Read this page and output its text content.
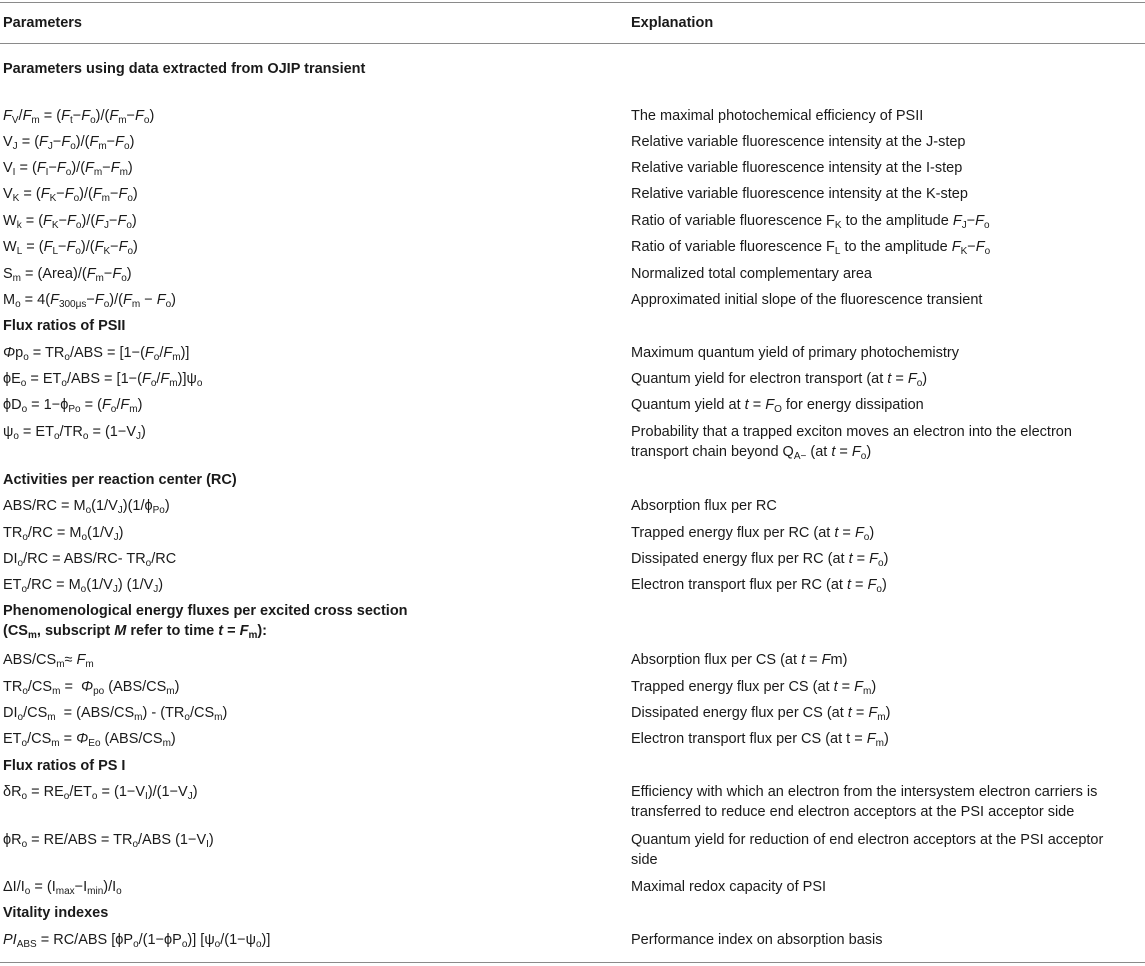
Parameters	Explanation
Parameters using data extracted from OJIP transient
$F_V/F_m = (F_t-F_o)/(F_m-F_o)$	The maximal photochemical efficiency of PSII
$V_J = (F_J-F_o)/(F_m-F_o)$	Relative variable fluorescence intensity at the J-step
$V_I = (F_I-F_o)/(F_m-F_m)$	Relative variable fluorescence intensity at the I-step
$V_K = (F_K-F_o)/(F_m-F_o)$	Relative variable fluorescence intensity at the K-step
$W_k = (F_K-F_o)/(F_J-F_o)$	Ratio of variable fluorescence $F_K$ to the amplitude $F_J-F_o$
$W_L = (F_L-F_o)/(F_K-F_o)$	Ratio of variable fluorescence $F_L$ to the amplitude $F_K-F_o$
$S_m$ = $(Area)/(F_m-F_o)$	Normalized total complementary area
$M_o = 4(F_{300\mu s}-F_o)/(F_m - F_o)$	Approximated initial slope of the fluorescence transient
Flux ratios of PSII
$\Phi p_o = TR_o/ABS = [1-(F_o/F_m)]$	Maximum quantum yield of primary photochemistry
$\phi E_o = ET_o/ABS = [1-(F_o/F_m)]\psi_o$	Quantum yield for electron transport (at $t = F_o$)
$\phi D_o = 1-\phi_{Po} = (F_o/F_m)$	Quantum yield at $t = F_O$ for energy dissipation
$\psi_o = ET_o/TR_o = (1-V_J)$	Probability that a trapped exciton moves an electron into the electron
transport chain beyond $Q_{A-}$ (at $t = F_o$)
Activities per reaction center (RC)
$ABS/RC = M_o(1/V_J)(1/\phi_{Po})$	Absorption flux per RC
$TR_o/RC = M_o(1/V_J)$	Trapped energy flux per RC (at $t = F_o$)
$DI_o/RC = ABS/RC-$ $TR_o/RC$	Dissipated energy flux per RC (at $t = F_o$)
$ET_o/RC = M_o(1/V_J)$ $(1/V_J)$	Electron transport flux per RC (at $t = F_o$)
Phenomenological energy fluxes per excited cross section ($CS_m$, subscript M refer to time $t = F_m$):
ABS/$CS_m\approx F_m$	Absorption flux per CS (at t = Fm)
$TR_o/CS_m = \Phi_{po}$ $(ABS/CS_m)$	Trapped energy flux per CS (at $t = F_m$)
$DI_o/CS_m = (ABS/CS_m) - (TR_o/CS_m)$	Dissipated energy flux per CS (at $t = F_m$)
$ET_o/CS_m = \Phi_{Eo}$ $(ABS/CS_m)$	Electron transport flux per CS (at $t = F_m$)
Flux ratios of PS I
$\delta R_o = RE_o/ET_o = (1-V_I)/(1-V_J)$	Efficiency with which an electron from the intersystem electron carriers is
transferred to reduce end electron acceptors at the PSI acceptor side
$\phi R_o = RE/ABS = TR_o/ABS$ $(1-V_I)$	Quantum yield for reduction of end electron acceptors at the PSI acceptor
side
$\Delta I/I_o = (I_{max}-I_{min})/I_o$	Maximal redox capacity of PSI
Vitality indexes
$PI_{ABS} = RC/ABS$ $[\phi P_o/(1-\phi P_o)]$ $[\psi_o/(1-\psi_o)]$	Performance index on absorption basis
